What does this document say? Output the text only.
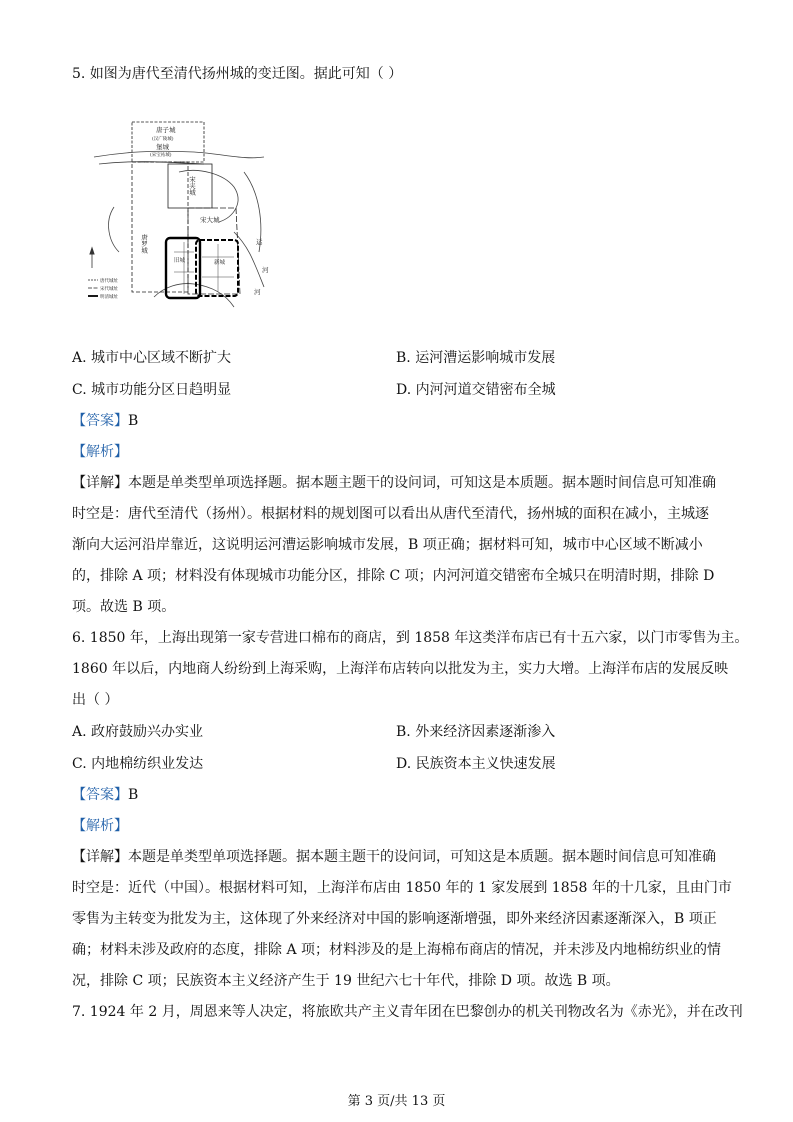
5. 如图为唐代至清代扬州城的变迁图。据此可知（ ）
唐子城
(汉广陵城)
堡城
(宋宝祐城)
宋夹城
宋大城
唐罗城
旧城	新城
运
河
河
唐代城址
宋代城址
明清城址
A. 城市中心区域不断扩大	B. 运河漕运影响城市发展
C. 城市功能分区日趋明显	D. 内河河道交错密布全城
【答案】B
【解析】
【详解】本题是单类型单项选择题。据本题主题干的设问词，可知这是本质题。据本题时间信息可知准确
时空是：唐代至清代（扬州）。根据材料的规划图可以看出从唐代至清代，扬州城的面积在减小，主城逐
渐向大运河沿岸靠近，这说明运河漕运影响城市发展，B 项正确；据材料可知，城市中心区域不断减小
的，排除 A 项；材料没有体现城市功能分区，排除 C 项；内河河道交错密布全城只在明清时期，排除 D
项。故选 B 项。
6. 1850 年，上海出现第一家专营进口棉布的商店，到 1858 年这类洋布店已有十五六家，以门市零售为主。
1860 年以后，内地商人纷纷到上海采购，上海洋布店转向以批发为主，实力大增。上海洋布店的发展反映
出（ ）
A. 政府鼓励兴办实业	B. 外来经济因素逐渐渗入
C. 内地棉纺织业发达	D. 民族资本主义快速发展
【答案】B
【解析】
【详解】本题是单类型单项选择题。据本题主题干的设问词，可知这是本质题。据本题时间信息可知准确
时空是：近代（中国）。根据材料可知，上海洋布店由 1850 年的 1 家发展到 1858 年的十几家，且由门市
零售为主转变为批发为主，这体现了外来经济对中国的影响逐渐增强，即外来经济因素逐渐深入，B 项正
确；材料未涉及政府的态度，排除 A 项；材料涉及的是上海棉布商店的情况，并未涉及内地棉纺织业的情
况，排除 C 项；民族资本主义经济产生于 19 世纪六七十年代，排除 D 项。故选 B 项。
7. 1924 年 2 月，周恩来等人决定，将旅欧共产主义青年团在巴黎创办的机关刊物改名为《赤光》，并在改刊
第 3 页/共 13 页
